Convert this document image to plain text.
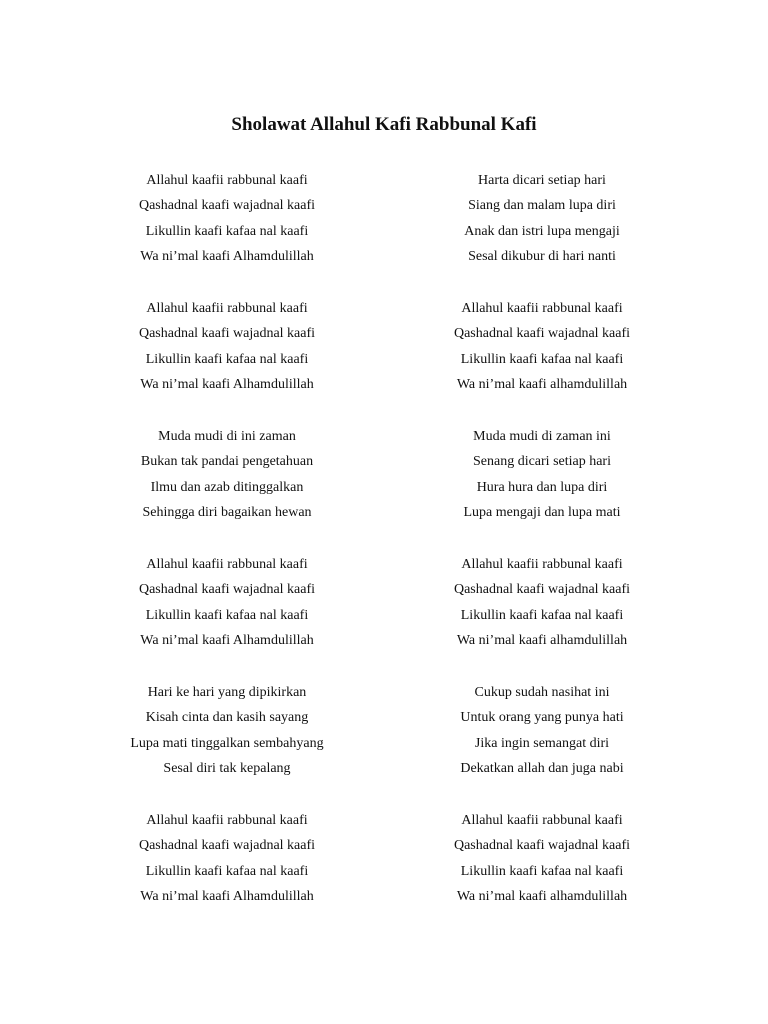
Sholawat Allahul Kafi Rabbunal Kafi
Allahul kaafii rabbunal kaafi
Qashadnal kaafi wajadnal kaafi
Likullin kaafi kafaa nal kaafi
Wa ni’mal kaafi Alhamdulillah
Allahul kaafii rabbunal kaafi
Qashadnal kaafi wajadnal kaafi
Likullin kaafi kafaa nal kaafi
Wa ni’mal kaafi Alhamdulillah
Muda mudi di ini zaman
Bukan tak pandai pengetahuan
Ilmu dan azab ditinggalkan
Sehingga diri bagaikan hewan
Allahul kaafii rabbunal kaafi
Qashadnal kaafi wajadnal kaafi
Likullin kaafi kafaa nal kaafi
Wa ni’mal kaafi Alhamdulillah
Hari ke hari yang dipikirkan
Kisah cinta dan kasih sayang
Lupa mati tinggalkan sembahyang
Sesal diri tak kepalang
Allahul kaafii rabbunal kaafi
Qashadnal kaafi wajadnal kaafi
Likullin kaafi kafaa nal kaafi
Wa ni’mal kaafi Alhamdulillah
Harta dicari setiap hari
Siang dan malam lupa diri
Anak dan istri lupa mengaji
Sesal dikubur di hari nanti
Allahul kaafii rabbunal kaafi
Qashadnal kaafi wajadnal kaafi
Likullin kaafi kafaa nal kaafi
Wa ni’mal kaafi alhamdulillah
Muda mudi di zaman ini
Senang dicari setiap hari
Hura hura dan lupa diri
Lupa mengaji dan lupa mati
Allahul kaafii rabbunal kaafi
Qashadnal kaafi wajadnal kaafi
Likullin kaafi kafaa nal kaafi
Wa ni’mal kaafi alhamdulillah
Cukup sudah nasihat ini
Untuk orang yang punya hati
Jika ingin semangat diri
Dekatkan allah dan juga nabi
Allahul kaafii rabbunal kaafi
Qashadnal kaafi wajadnal kaafi
Likullin kaafi kafaa nal kaafi
Wa ni’mal kaafi alhamdulillah
